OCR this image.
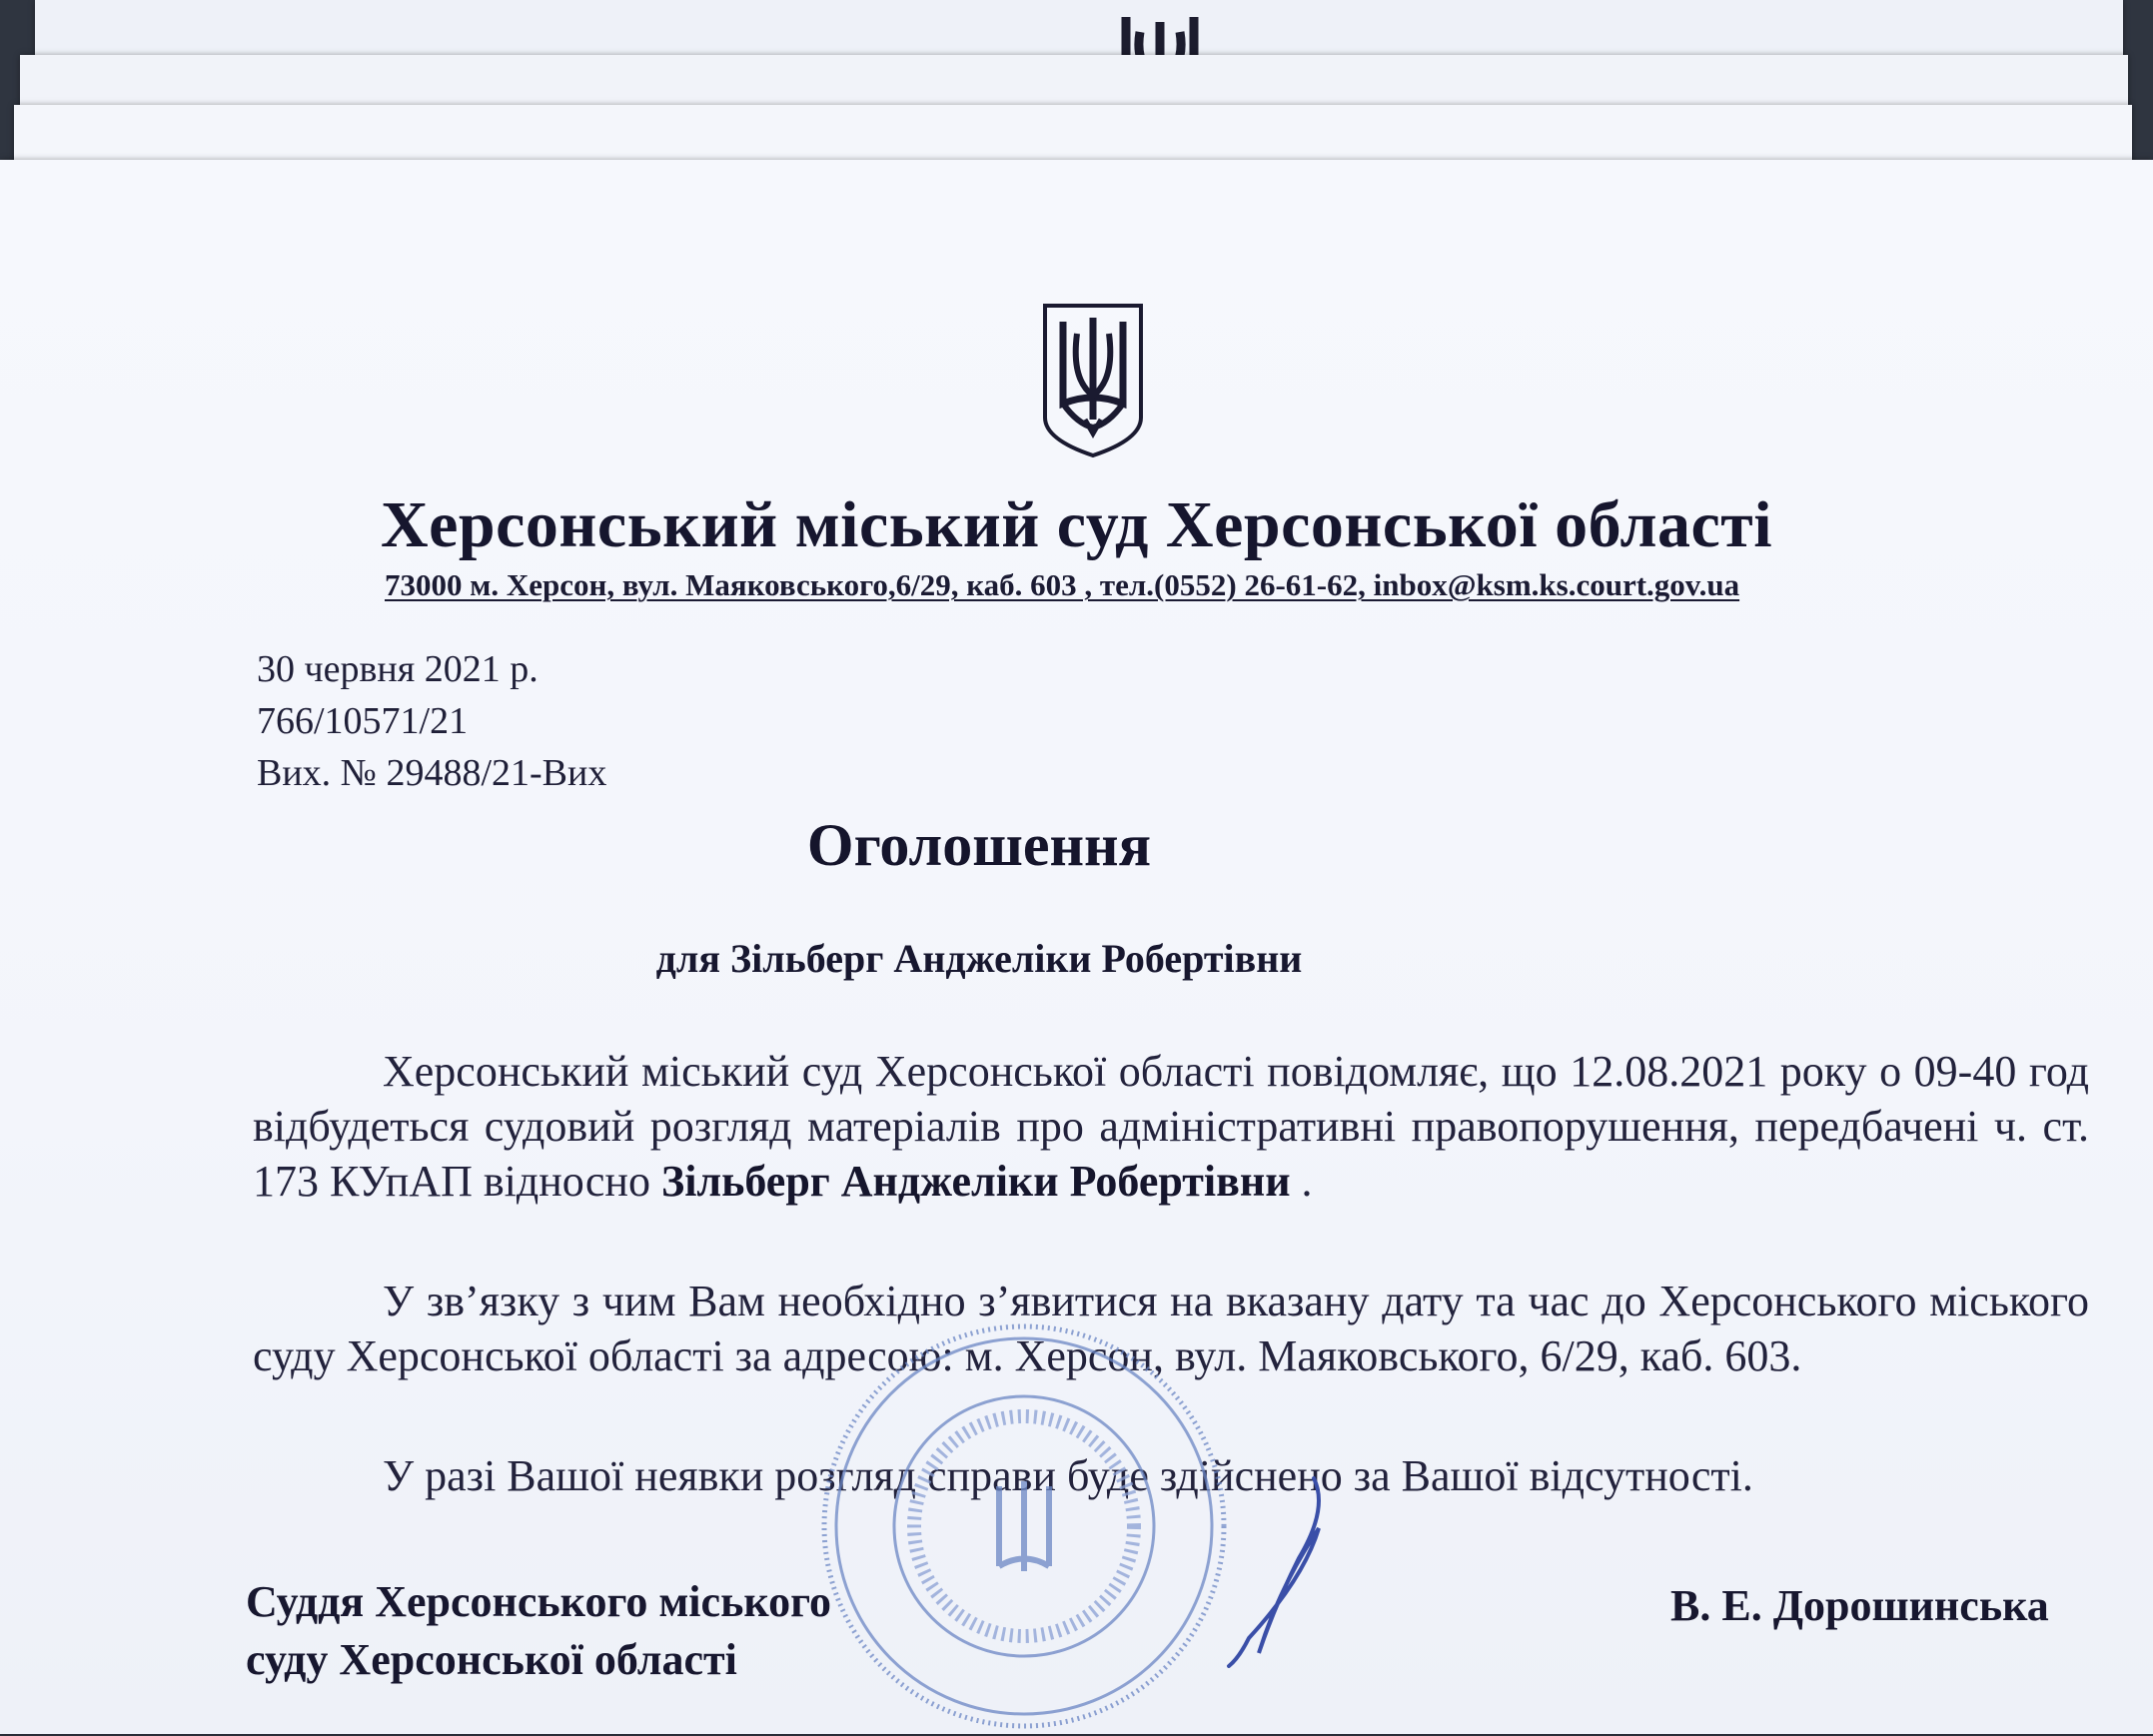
Херсонський міський суд Херсонської області
73000 м. Херсон, вул. Маяковського,6/29, каб. 603 , тел.(0552) 26-61-62, inbox@ksm.ks.court.gov.ua
30 червня 2021 р.
766/10571/21
Вих. № 29488/21-Вих
Оголошення
для Зільберг Анджеліки Робертівни
Херсонський міський суд Херсонської області повідомляє, що 12.08.2021 року о 09-40 год відбудеться судовий розгляд матеріалів про адміністративні правопорушення, передбачені ч. ст. 173 КУпАП відносно Зільберг Анджеліки Робертівни .
У зв’язку з чим Вам необхідно з’явитися на вказану дату та час до Херсонського міського суду Херсонської області за адресою: м. Херсон, вул. Маяковського, 6/29, каб. 603.
У разі Вашої неявки розгляд справи буде здійснено за Вашої відсутності.
Суддя Херсонського міського
суду Херсонської області
В. Е. Дорошинська
